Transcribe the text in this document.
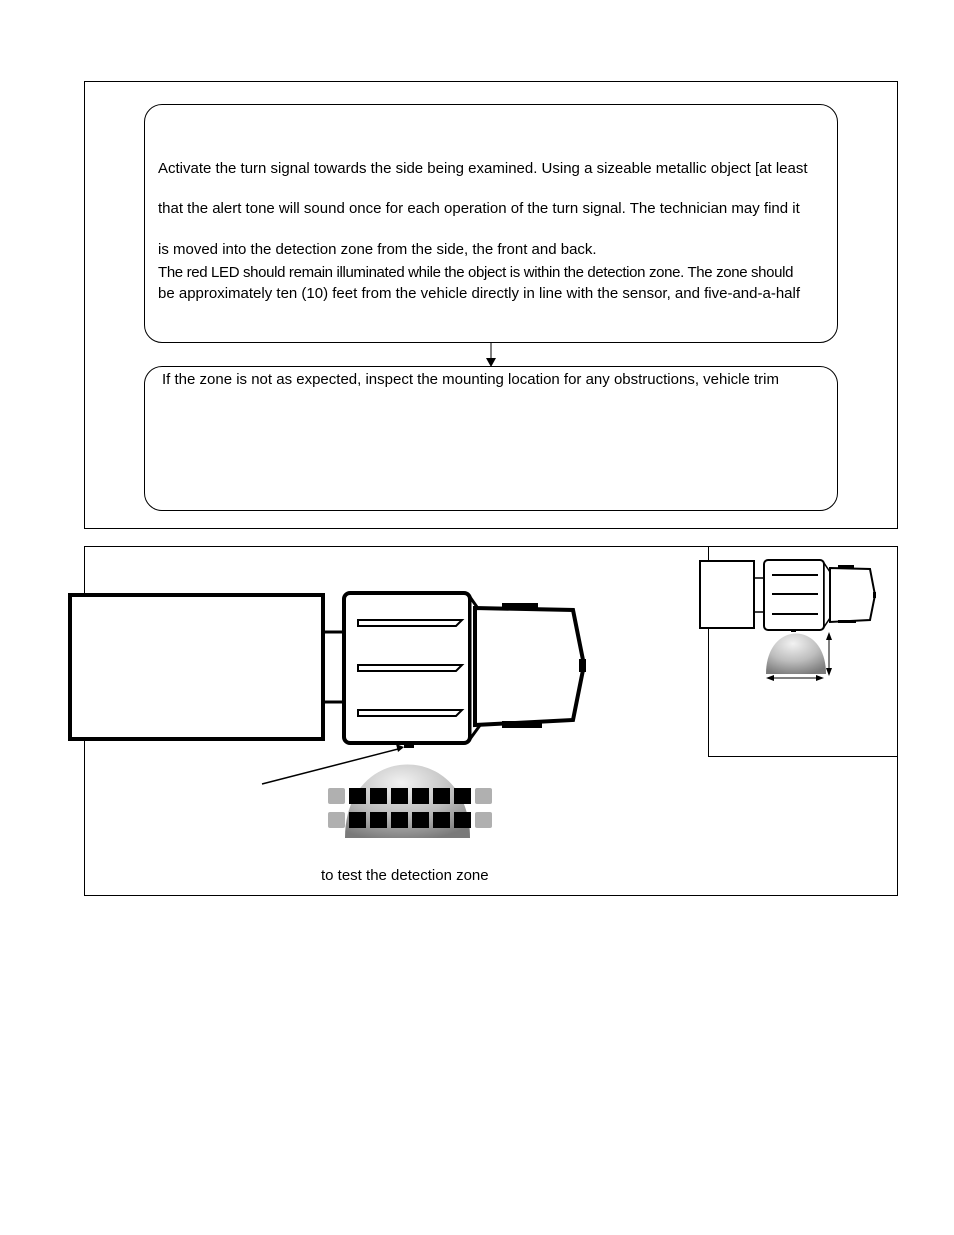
Activate the turn signal towards the side being examined. Using a sizeable metallic object [at least
that the alert tone will sound once for each operation of the turn signal. The technician may find it
is moved into the detection zone from the side, the front and back.
The red LED should remain illuminated while the object is within the detection zone. The zone should
be approximately ten (10) feet from the vehicle directly in line with the sensor, and five-and-a-half
If the zone is not as expected, inspect the mounting location for any obstructions, vehicle trim
to test the detection zone
